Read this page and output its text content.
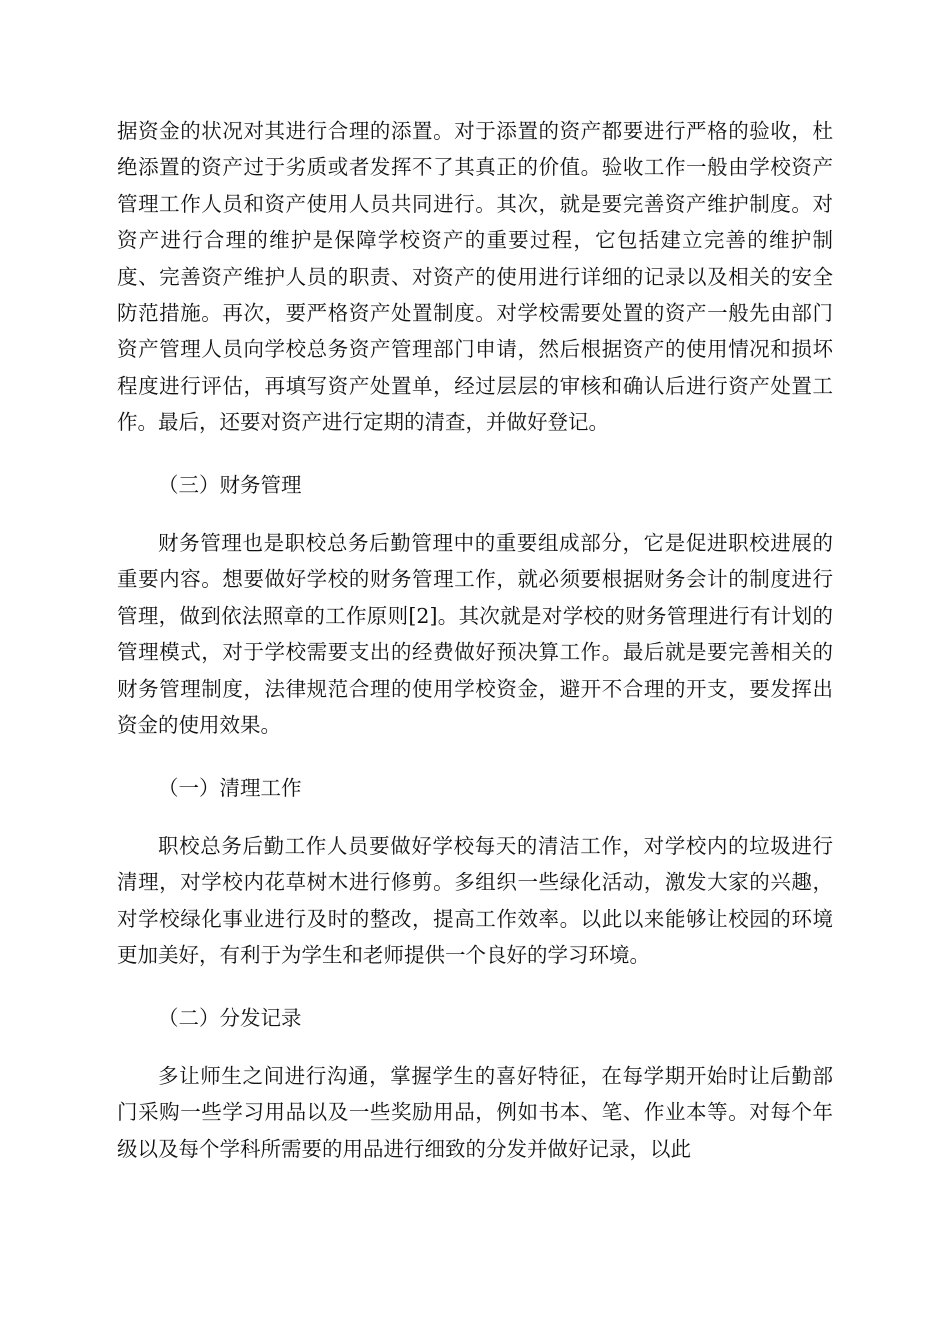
据资金的状况对其进行合理的添置。对于添置的资产都要进行严格的验收，杜绝添置的资产过于劣质或者发挥不了其真正的价值。验收工作一般由学校资产管理工作人员和资产使用人员共同进行。其次，就是要完善资产维护制度。对资产进行合理的维护是保障学校资产的重要过程，它包括建立完善的维护制度、完善资产维护人员的职责、对资产的使用进行详细的记录以及相关的安全防范措施。再次，要严格资产处置制度。对学校需要处置的资产一般先由部门资产管理人员向学校总务资产管理部门申请，然后根据资产的使用情况和损坏程度进行评估，再填写资产处置单，经过层层的审核和确认后进行资产处置工作。最后，还要对资产进行定期的清查，并做好登记。

（三）财务管理

财务管理也是职校总务后勤管理中的重要组成部分，它是促进职校进展的重要内容。想要做好学校的财务管理工作，就必须要根据财务会计的制度进行管理，做到依法照章的工作原则[2]。其次就是对学校的财务管理进行有计划的管理模式，对于学校需要支出的经费做好预决算工作。最后就是要完善相关的财务管理制度，法律规范合理的使用学校资金，避开不合理的开支，要发挥出资金的使用效果。

（一）清理工作

职校总务后勤工作人员要做好学校每天的清洁工作，对学校内的垃圾进行清理，对学校内花草树木进行修剪。多组织一些绿化活动，激发大家的兴趣，对学校绿化事业进行及时的整改，提高工作效率。以此以来能够让校园的环境更加美好，有利于为学生和老师提供一个良好的学习环境。

（二）分发记录

多让师生之间进行沟通，掌握学生的喜好特征，在每学期开始时让后勤部门采购一些学习用品以及一些奖励用品，例如书本、笔、作业本等。对每个年级以及每个学科所需要的用品进行细致的分发并做好记录，以此
